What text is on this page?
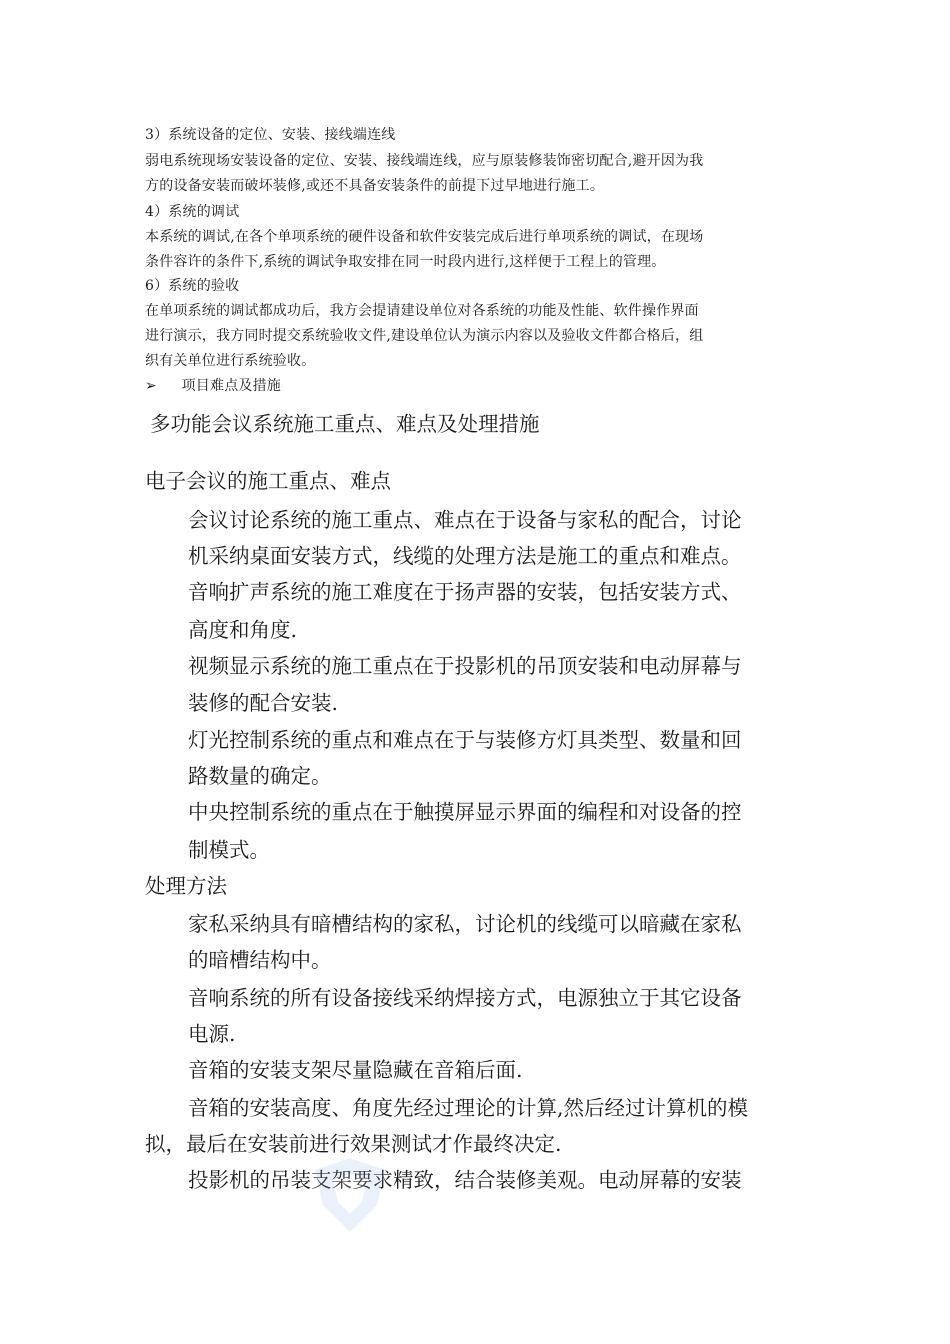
3）系统设备的定位、安装、接线端连线
弱电系统现场安装设备的定位、安装、接线端连线，应与原装修装饰密切配合,避开因为我
方的设备安装而破坏装修,或还不具备安装条件的前提下过早地进行施工。
4）系统的调试
本系统的调试,在各个单项系统的硬件设备和软件安装完成后进行单项系统的调试，在现场
条件容许的条件下,系统的调试争取安排在同一时段内进行,这样便于工程上的管理。
6）系统的验收
在单项系统的调试都成功后，我方会提请建设单位对各系统的功能及性能、软件操作界面
进行演示，我方同时提交系统验收文件,建设单位认为演示内容以及验收文件都合格后，组
织有关单位进行系统验收。
➢ 项目难点及措施
多功能会议系统施工重点、难点及处理措施
电子会议的施工重点、难点
会议讨论系统的施工重点、难点在于设备与家私的配合，讨论
机采纳桌面安装方式，线缆的处理方法是施工的重点和难点。
音响扩声系统的施工难度在于扬声器的安装，包括安装方式、
高度和角度.
视频显示系统的施工重点在于投影机的吊顶安装和电动屏幕与
装修的配合安装.
灯光控制系统的重点和难点在于与装修方灯具类型、数量和回
路数量的确定。
中央控制系统的重点在于触摸屏显示界面的编程和对设备的控
制模式。
处理方法
家私采纳具有暗槽结构的家私，讨论机的线缆可以暗藏在家私
的暗槽结构中。
音响系统的所有设备接线采纳焊接方式，电源独立于其它设备
电源.
音箱的安装支架尽量隐藏在音箱后面.
音箱的安装高度、角度先经过理论的计算,然后经过计算机的模
拟，最后在安装前进行效果测试才作最终决定.
投影机的吊装支架要求精致，结合装修美观。电动屏幕的安装
